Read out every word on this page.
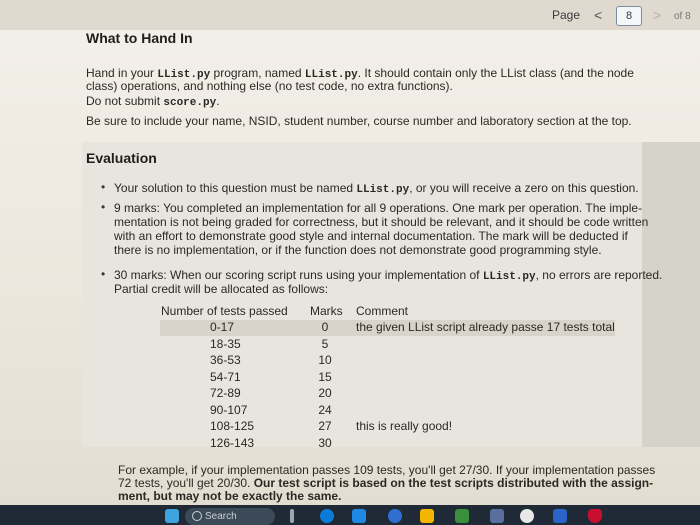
Page <	8	> of 8
What to Hand In
Hand in your LList.py program, named LList.py. It should contain only the LList class (and the node
class) operations, and nothing else (no test code, no extra functions).
Do not submit score.py.
Be sure to include your name, NSID, student number, course number and laboratory section at the top.
Evaluation
• Your solution to this question must be named LList.py, or you will receive a zero on this question.
• 9 marks: You completed an implementation for all 9 operations. One mark per operation. The imple-
mentation is not being graded for correctness, but it should be relevant, and it should be code written
with an effort to demonstrate good style and internal documentation. The mark will be deducted if
there is no implementation, or if the function does not demonstrate good programming style.
• 30 marks: When our scoring script runs using your implementation of LList.py, no errors are reported.
Partial credit will be allocated as follows:
Number of tests passed Marks Comment
0-17	0	the given LList script already passe 17 tests total
18-35	5
36-53	10
54-71	15
72-89	20
90-107	24
108-125	27	this is really good!
126-143	30
For example, if your implementation passes 109 tests, you'll get 27/30. If your implementation passes
72 tests, you'll get 20/30. Our test script is based on the test scripts distributed with the assign-
ment, but may not be exactly the same.
Search
